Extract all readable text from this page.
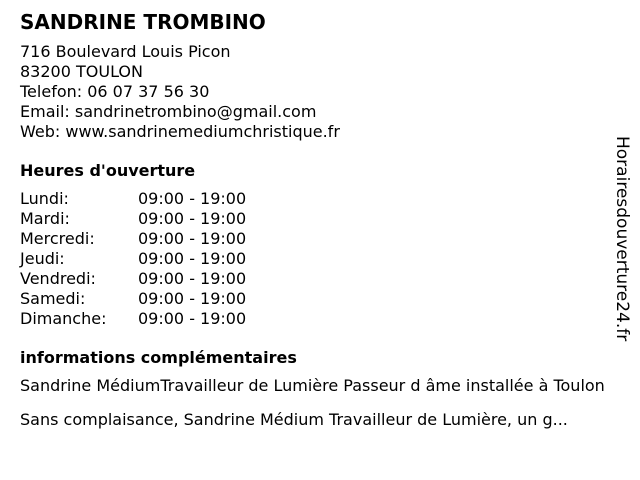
SANDRINE TROMBINO
716 Boulevard Louis Picon
83200 TOULON
Telefon: 06 07 37 56 30
Email: sandrinetrombino@gmail.com
Web: www.sandrinemediumchristique.fr
Heures d'ouverture
Lundi:	09:00 - 19:00
Mardi:	09:00 - 19:00
Mercredi:	09:00 - 19:00
Jeudi:	09:00 - 19:00
Vendredi:	09:00 - 19:00
Samedi:	09:00 - 19:00
Dimanche:	09:00 - 19:00
informations complémentaires

Sandrine MédiumTravailleur de Lumière Passeur d âme installée à Toulon

Sans complaisance, Sandrine Médium Travailleur de Lumière, un g...

Horairesdouverture24.fr
